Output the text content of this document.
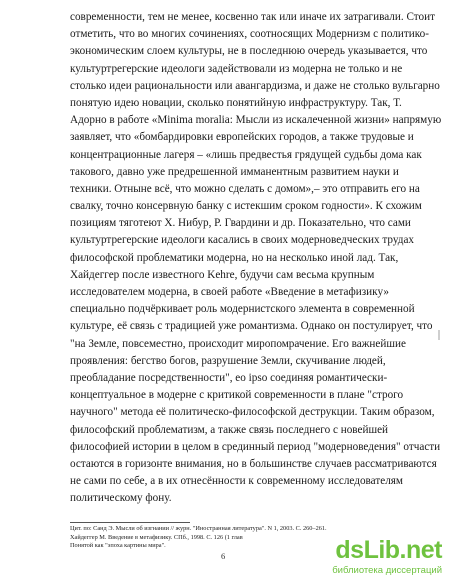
современности, тем не менее, косвенно так или иначе их затрагивали. Стоит
отметить, что во многих сочинениях, соотносящих Модернизм с политико-
экономическим слоем культуры, не в последнюю очередь указывается, что
культуртрегерские идеологи задействовали из модерна не только и не
столько идеи рациональности или авангардизма, и даже не столько вульгарно
понятую идею новации, сколько понятийную инфраструктуру. Так, Т.
Адорно в работе «Minima moralia: Мысли из искалеченной жизни» напрямую
заявляет, что «бомбардировки европейских городов, а также трудовые и
концентрационные лагеря – «лишь предвестья грядущей судьбы дома как
такового, давно уже предрешенной имманентным развитием науки и
техники. Отныне всё, что можно сделать с домом»,– это отправить его на
свалку, точно консервную банку с истекшим сроком годности». К схожим
позициям тяготеют Х. Нибур, Р. Гвардини и др. Показательно, что сами
культуртрегерские идеологи касались в своих модерноведческих трудах
философской проблематики модерна, но на несколько иной лад. Так,
Хайдеггер после известного Kehre, будучи сам весьма крупным
исследователем модерна, в своей работе «Введение в метафизику»
специально подчёркивает роль модернистского элемента в современной
культуре, её связь с традицией уже романтизма. Однако он постулирует, что
"на Земле, повсеместно, происходит миропомрачение. Его важнейшие
проявления: бегство богов, разрушение Земли, скучивание людей,
преобладание посредственности", eo ipso соединяя романтически-
концептуальное в модерне с критикой современности в плане "строго
научного" метода её политическо-философской деструкции. Таким образом,
философский проблематизм, а также связь последнего с новейшей
философией истории в целом в срединный период "модерноведения" отчасти
остаются в горизонте внимания, но в большинстве случаев рассматриваются
не сами по себе, а в их отнесённости к современному исследователям
политическому фону.
Цит. по: Санд Э. Мысли об изгнании // журн. "Иностранная литература". N 1, 2003. С. 260–261.
Хайдеггер М. Введение в метафизику. СПб., 1998. С. 126 (1 глав
Понятой как "эпоха картины мира".
6	dsLib.net
библиотека диссертаций
